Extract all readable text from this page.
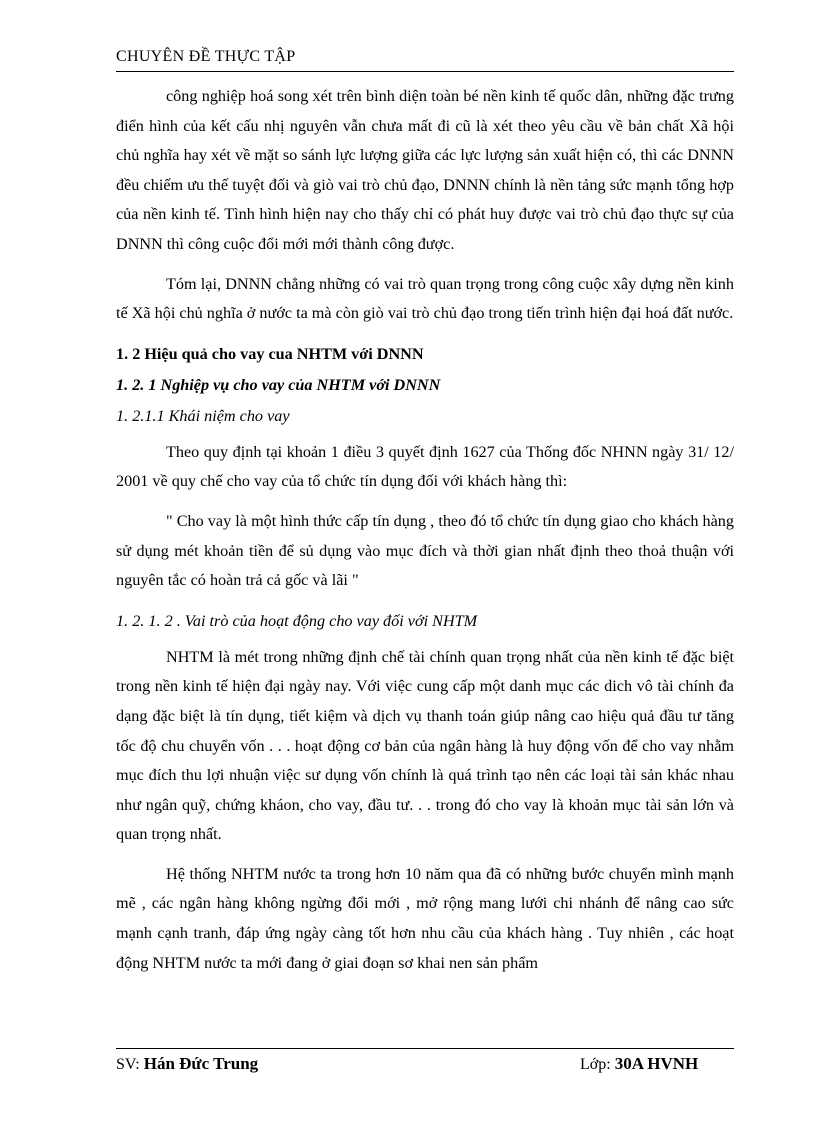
CHUYÊN ĐỀ THỰC TẬP

công nghiệp hoá song xét trên bình diện toàn bé nền kinh tế quốc dân, những đặc trưng điển hình của kết cấu nhị nguyên vẫn chưa mất đi cũ là xét theo yêu cầu về bản chất Xã hội chủ nghĩa hay xét về mặt so sánh lực lượng giữa các lực lượng sản xuất hiện có, thì các DNNN đều chiếm ưu thế tuyệt đối và giò vai trò chủ đạo, DNNN chính là nền tảng sức mạnh tổng hợp của nền kinh tế. Tình hình hiện nay cho thấy chỉ có phát huy được vai trò chủ đạo thực sự của DNNN thì công cuộc đổi mới mới thành công được.

Tóm lại, DNNN chẳng những có vai trò quan trọng trong công cuộc xây dựng nền kinh tế Xã hội chủ nghĩa ở nước ta mà còn giò vai trò chủ đạo trong tiến trình hiện đại hoá đất nước.

1. 2 Hiệu quả cho vay cua NHTM với DNNN
1. 2. 1 Nghiệp vụ cho vay của NHTM với DNNN
1. 2.1.1 Khái niệm cho vay

Theo quy định tại khoản 1 điều 3 quyết định 1627 của Thống đốc NHNN ngày 31/ 12/ 2001 về quy chế cho vay của tổ chức tín dụng đối với khách hàng thì:

" Cho vay là một hình thức cấp tín dụng , theo đó tổ chức tín dụng giao cho khách hàng sử dụng mét khoản tiền để sủ dụng vào mục đích và thời gian nhất định theo thoả thuận với nguyên tắc có hoàn trả cả gốc và lãi "

1. 2. 1. 2 . Vai trò của hoạt động cho vay đối với NHTM

NHTM là mét trong những định chế tài chính quan trọng nhất của nền kinh tế đặc biệt trong nền kinh tế hiện đại ngày nay. Với việc cung cấp một danh mục các dich vô tài chính đa dạng đặc biệt là tín dụng, tiết kiệm và dịch vụ thanh toán giúp nâng cao hiệu quả đầu tư tăng tốc độ chu chuyển vốn . . . hoạt động cơ bản của ngân hàng là huy động vốn để cho vay nhằm mục đích thu lợi nhuận việc sư dụng vốn chính là quá trình tạo nên các loại tài sản khác nhau như ngân quỹ, chứng kháon, cho vay, đầu tư. . . trong đó cho vay là khoản mục tài sản lớn và quan trọng nhất.

Hệ thống NHTM nước ta trong hơn 10 năm qua đã có những bước chuyển mình mạnh mẽ , các ngân hàng không ngừng đổi mới , mở rộng mang lưới chi nhánh để nâng cao sức mạnh cạnh tranh, đáp ứng ngày càng tốt hơn nhu cầu của khách hàng . Tuy nhiên , các hoạt động NHTM nước ta mới đang ở giai đoạn sơ khai nen sản phẩm

SV: Hán Đức Trung	Lớp: 30A HVNH
